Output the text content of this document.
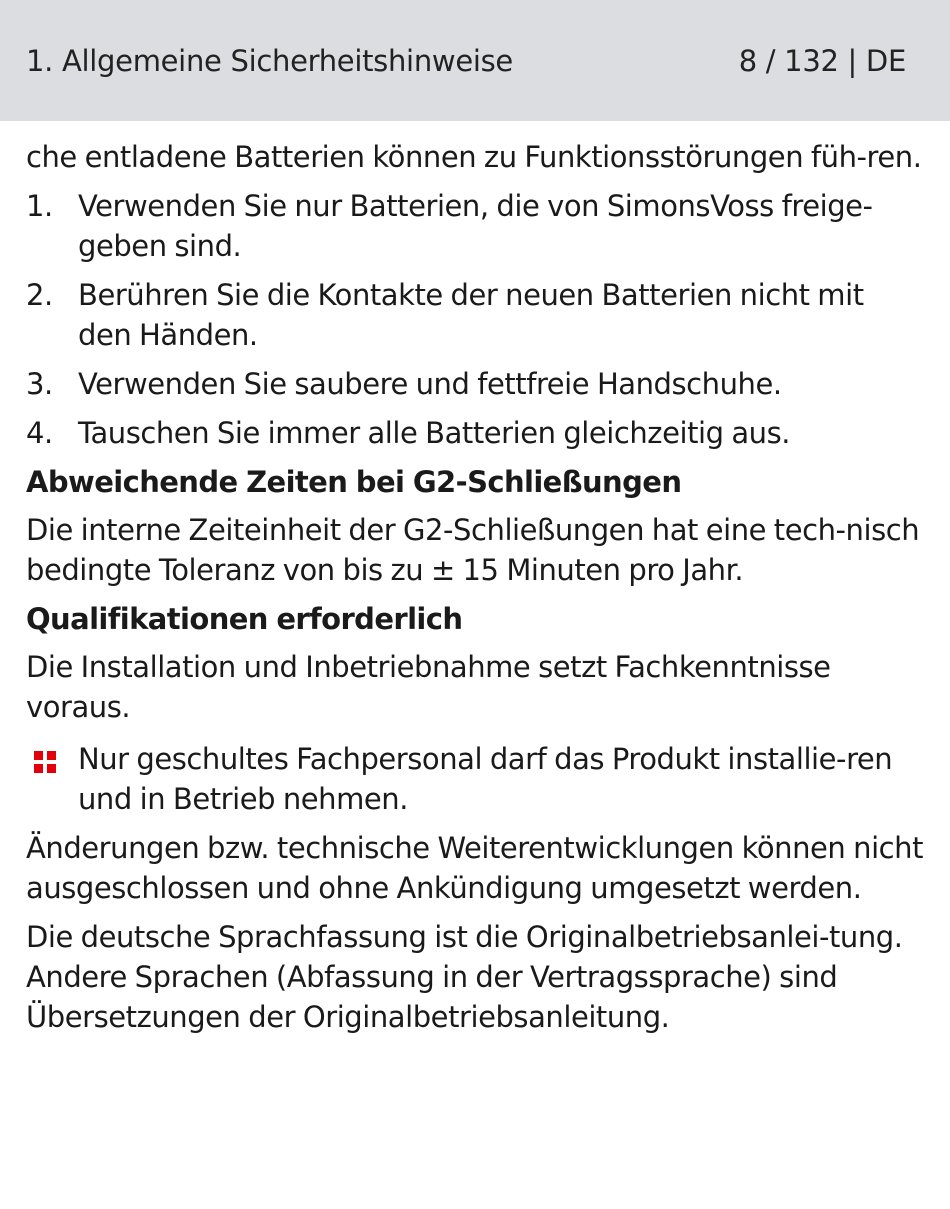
1. Allgemeine Sicherheitshinweise	8 / 132 | DE

che entladene Batterien können zu Funktionsstörungen füh-ren.

1. Verwenden Sie nur Batterien, die von SimonsVoss freige-geben sind.
2. Berühren Sie die Kontakte der neuen Batterien nicht mit den Händen.
3. Verwenden Sie saubere und fettfreie Handschuhe.
4. Tauschen Sie immer alle Batterien gleichzeitig aus.
Abweichende Zeiten bei G2-Schließungen

Die interne Zeiteinheit der G2-Schließungen hat eine tech-nisch bedingte Toleranz von bis zu ± 15 Minuten pro Jahr.

Qualifikationen erforderlich

Die Installation und Inbetriebnahme setzt Fachkenntnisse voraus.

Nur geschultes Fachpersonal darf das Produkt installie-ren und in Betrieb nehmen.

Änderungen bzw. technische Weiterentwicklungen können nicht ausgeschlossen und ohne Ankündigung umgesetzt werden.

Die deutsche Sprachfassung ist die Originalbetriebsanlei-tung. Andere Sprachen (Abfassung in der Vertragssprache) sind Übersetzungen der Originalbetriebsanleitung.
